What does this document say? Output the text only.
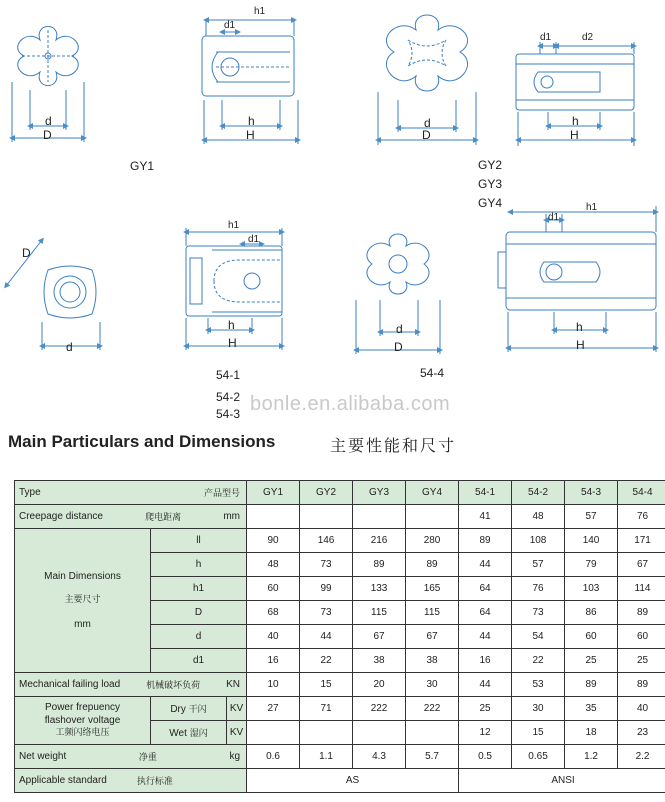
d
D
h1
d1
h
H
d
D
d1	d2
h
H
D
d
h1
d1
h
H
d
D
d1
h1
h
H
GY1	GY2
GY3
GY4
54-1
54-2
54-3
54-4
bonle.en.alibaba.com
Main Particulars and Dimensions	主要性能和尺寸
Type 产品型号			GY1	GY2	GY3	GY4	54-1	54-2	54-3	54-4

Creepage distance 爬电距离 mm							41	48	57	76

Main Dimensions

主要尺寸

mm	ll		90	146	216	280	89	108	140	171
	h		48	73	89	89	44	57	79	67
	h1		60	99	133	165	64	76	103	114
	D		68	73	115	115	64	73	86	89
	d		40	44	67	67	44	54	60	60
	d1		16	22	38	38	16	22	25	25

Mechanical failing load 机械破坏负荷 KN			10	15	20	30	44	53	89	89

Power frepuency
flashover voltage
工频闪络电压	Dry 干闪	KV	27	71	222	222	25	30	35	40
	Wet 湿闪	KV					12	15	18	23

Net weight 净重 kg			0.6	1.1	4.3	5.7	0.5	0.65	1.2	2.2

Applicable standard 执行标准			AS				ANSI			
